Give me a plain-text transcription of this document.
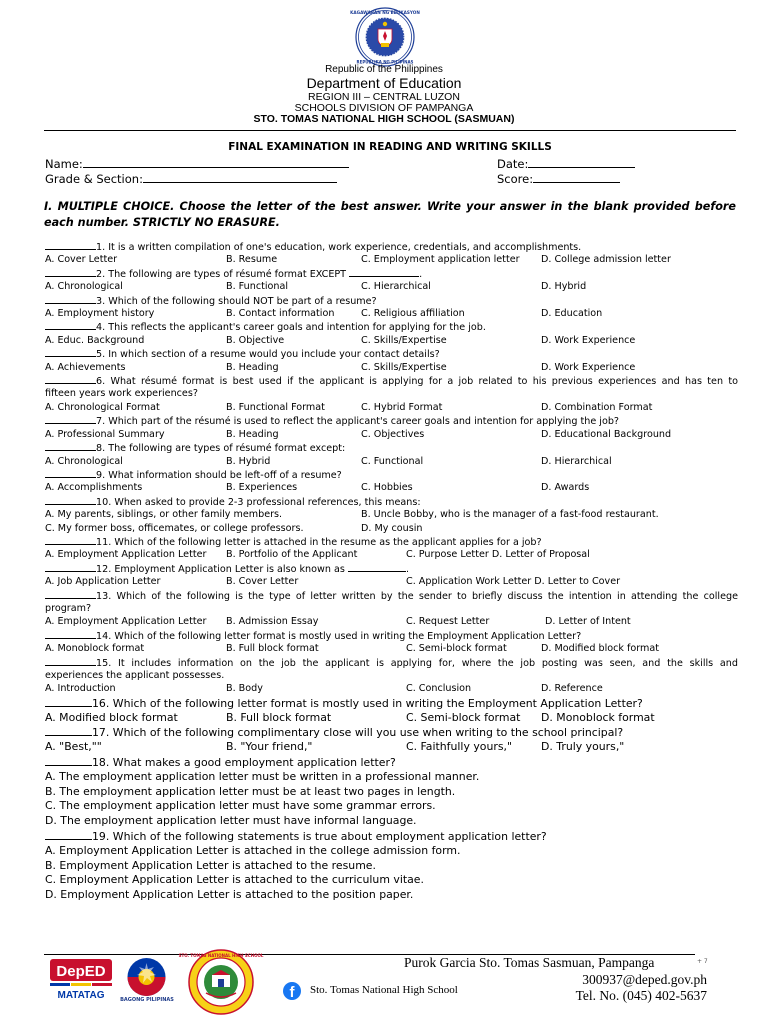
KAGAWARAN NG EDUKASYON
REPUBLIKA NG PILIPINAS
Republic of the Philippines
Department of Education
REGION III – CENTRAL LUZON
SCHOOLS DIVISION OF PAMPANGA
STO. TOMAS NATIONAL HIGH SCHOOL (SASMUAN)
FINAL EXAMINATION IN READING AND WRITING SKILLS
Name:	Date:
Grade & Section:	Score:
I. MULTIPLE CHOICE. Choose the letter of the best answer. Write your answer in the blank provided before each number. STRICTLY NO ERASURE.
1. It is a written compilation of one's education, work experience, credentials, and accomplishments.
A. Cover Letter	B. Resume	C. Employment application letter D. College admission letter
2. The following are types of résumé format EXCEPT	.
A. Chronological	B. Functional	C. Hierarchical	D. Hybrid
3. Which of the following should NOT be part of a resume?
A. Employment history	B. Contact information	C. Religious affiliation	D. Education
4. This reflects the applicant's career goals and intention for applying for the job.
A. Educ. Background	B. Objective	C. Skills/Expertise	D. Work Experience
5. In which section of a resume would you include your contact details?
A. Achievements	B. Heading	C. Skills/Expertise	D. Work Experience
6. What résumé format is best used if the applicant is applying for a job related to his previous experiences and has ten to
fifteen years work experiences?
A. Chronological Format	B. Functional Format	C. Hybrid Format	D. Combination Format
7. Which part of the résumé is used to reflect the applicant's career goals and intention for applying the job?
A. Professional Summary	B. Heading	C. Objectives	D. Educational Background
8. The following are types of résumé format except:
A. Chronological	B. Hybrid	C. Functional	D. Hierarchical
9. What information should be left-off of a resume?
A. Accomplishments	B. Experiences	C. Hobbies	D. Awards
10. When asked to provide 2-3 professional references, this means:
A. My parents, siblings, or other family members.	B. Uncle Bobby, who is the manager of a fast-food restaurant.
C. My former boss, officemates, or college professors.	D. My cousin
11. Which of the following letter is attached in the resume as the applicant applies for a job?
A. Employment Application Letter B. Portfolio of the Applicant	C. Purpose Letter D. Letter of Proposal
12. Employment Application Letter is also known as	.
A. Job Application Letter	B. Cover Letter	C. Application Work Letter D. Letter to Cover
13. Which of the following is the type of letter written by the sender to briefly discuss the intention in attending the college
program?
A. Employment Application Letter B. Admission Essay	C. Request Letter	D. Letter of Intent
14. Which of the following letter format is mostly used in writing the Employment Application Letter?
A. Monoblock format	B. Full block format	C. Semi-block format	D. Modified block format
15. It includes information on the job the applicant is applying for, where the job posting was seen, and the skills and
experiences the applicant possesses.
A. Introduction	B. Body	C. Conclusion	D. Reference
16. Which of the following letter format is mostly used in writing the Employment Application Letter?
A. Modified block format	B. Full block format	C. Semi-block format D. Monoblock format
17. Which of the following complimentary close will you use when writing to the school principal?
A. "Best,""	B. "Your friend,"	C. Faithfully yours,"	D. Truly yours,"
18. What makes a good employment application letter?
A. The employment application letter must be written in a professional manner.
B. The employment application letter must be at least two pages in length.
C. The employment application letter must have some grammar errors.
D. The employment application letter must have informal language.
19. Which of the following statements is true about employment application letter?
A. Employment Application Letter is attached in the college admission form.
B. Employment Application Letter is attached to the resume.
C. Employment Application Letter is attached to the curriculum vitae.
D. Employment Application Letter is attached to the position paper.
DepED
MATATAG	BAGONG PILIPINAS
STO. TOMAS NATIONAL HIGH SCHOOL
f	Sto. Tomas National High School
Purok Garcia Sto. Tomas Sasmuan, Pampanga	+ 7
300937@deped.gov.ph
Tel. No. (045) 402-5637
